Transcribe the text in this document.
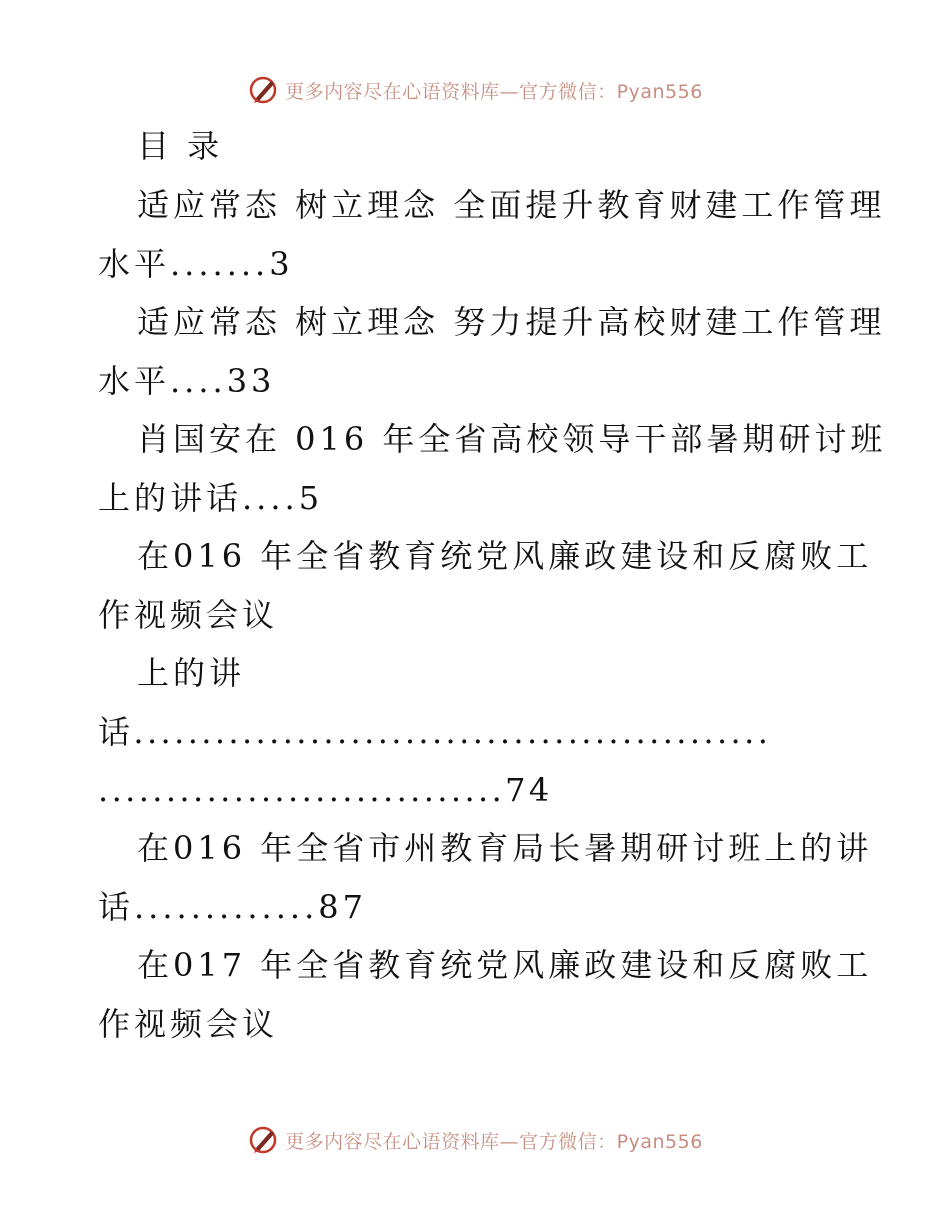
更多内容尽在心语资料库—官方微信：Pyan556
目 录
适应常态 树立理念 全面提升教育财建工作管理
水平.......3
适应常态 树立理念 努力提升高校财建工作管理
水平....33
肖国安在 016 年全省高校领导干部暑期研讨班
上的讲话....5
在016 年全省教育统党风廉政建设和反腐败工
作视频会议
上的讲
话...............................................
..............................74
在016 年全省市州教育局长暑期研讨班上的讲
话.............87
在017 年全省教育统党风廉政建设和反腐败工
作视频会议
更多内容尽在心语资料库—官方微信：Pyan556
